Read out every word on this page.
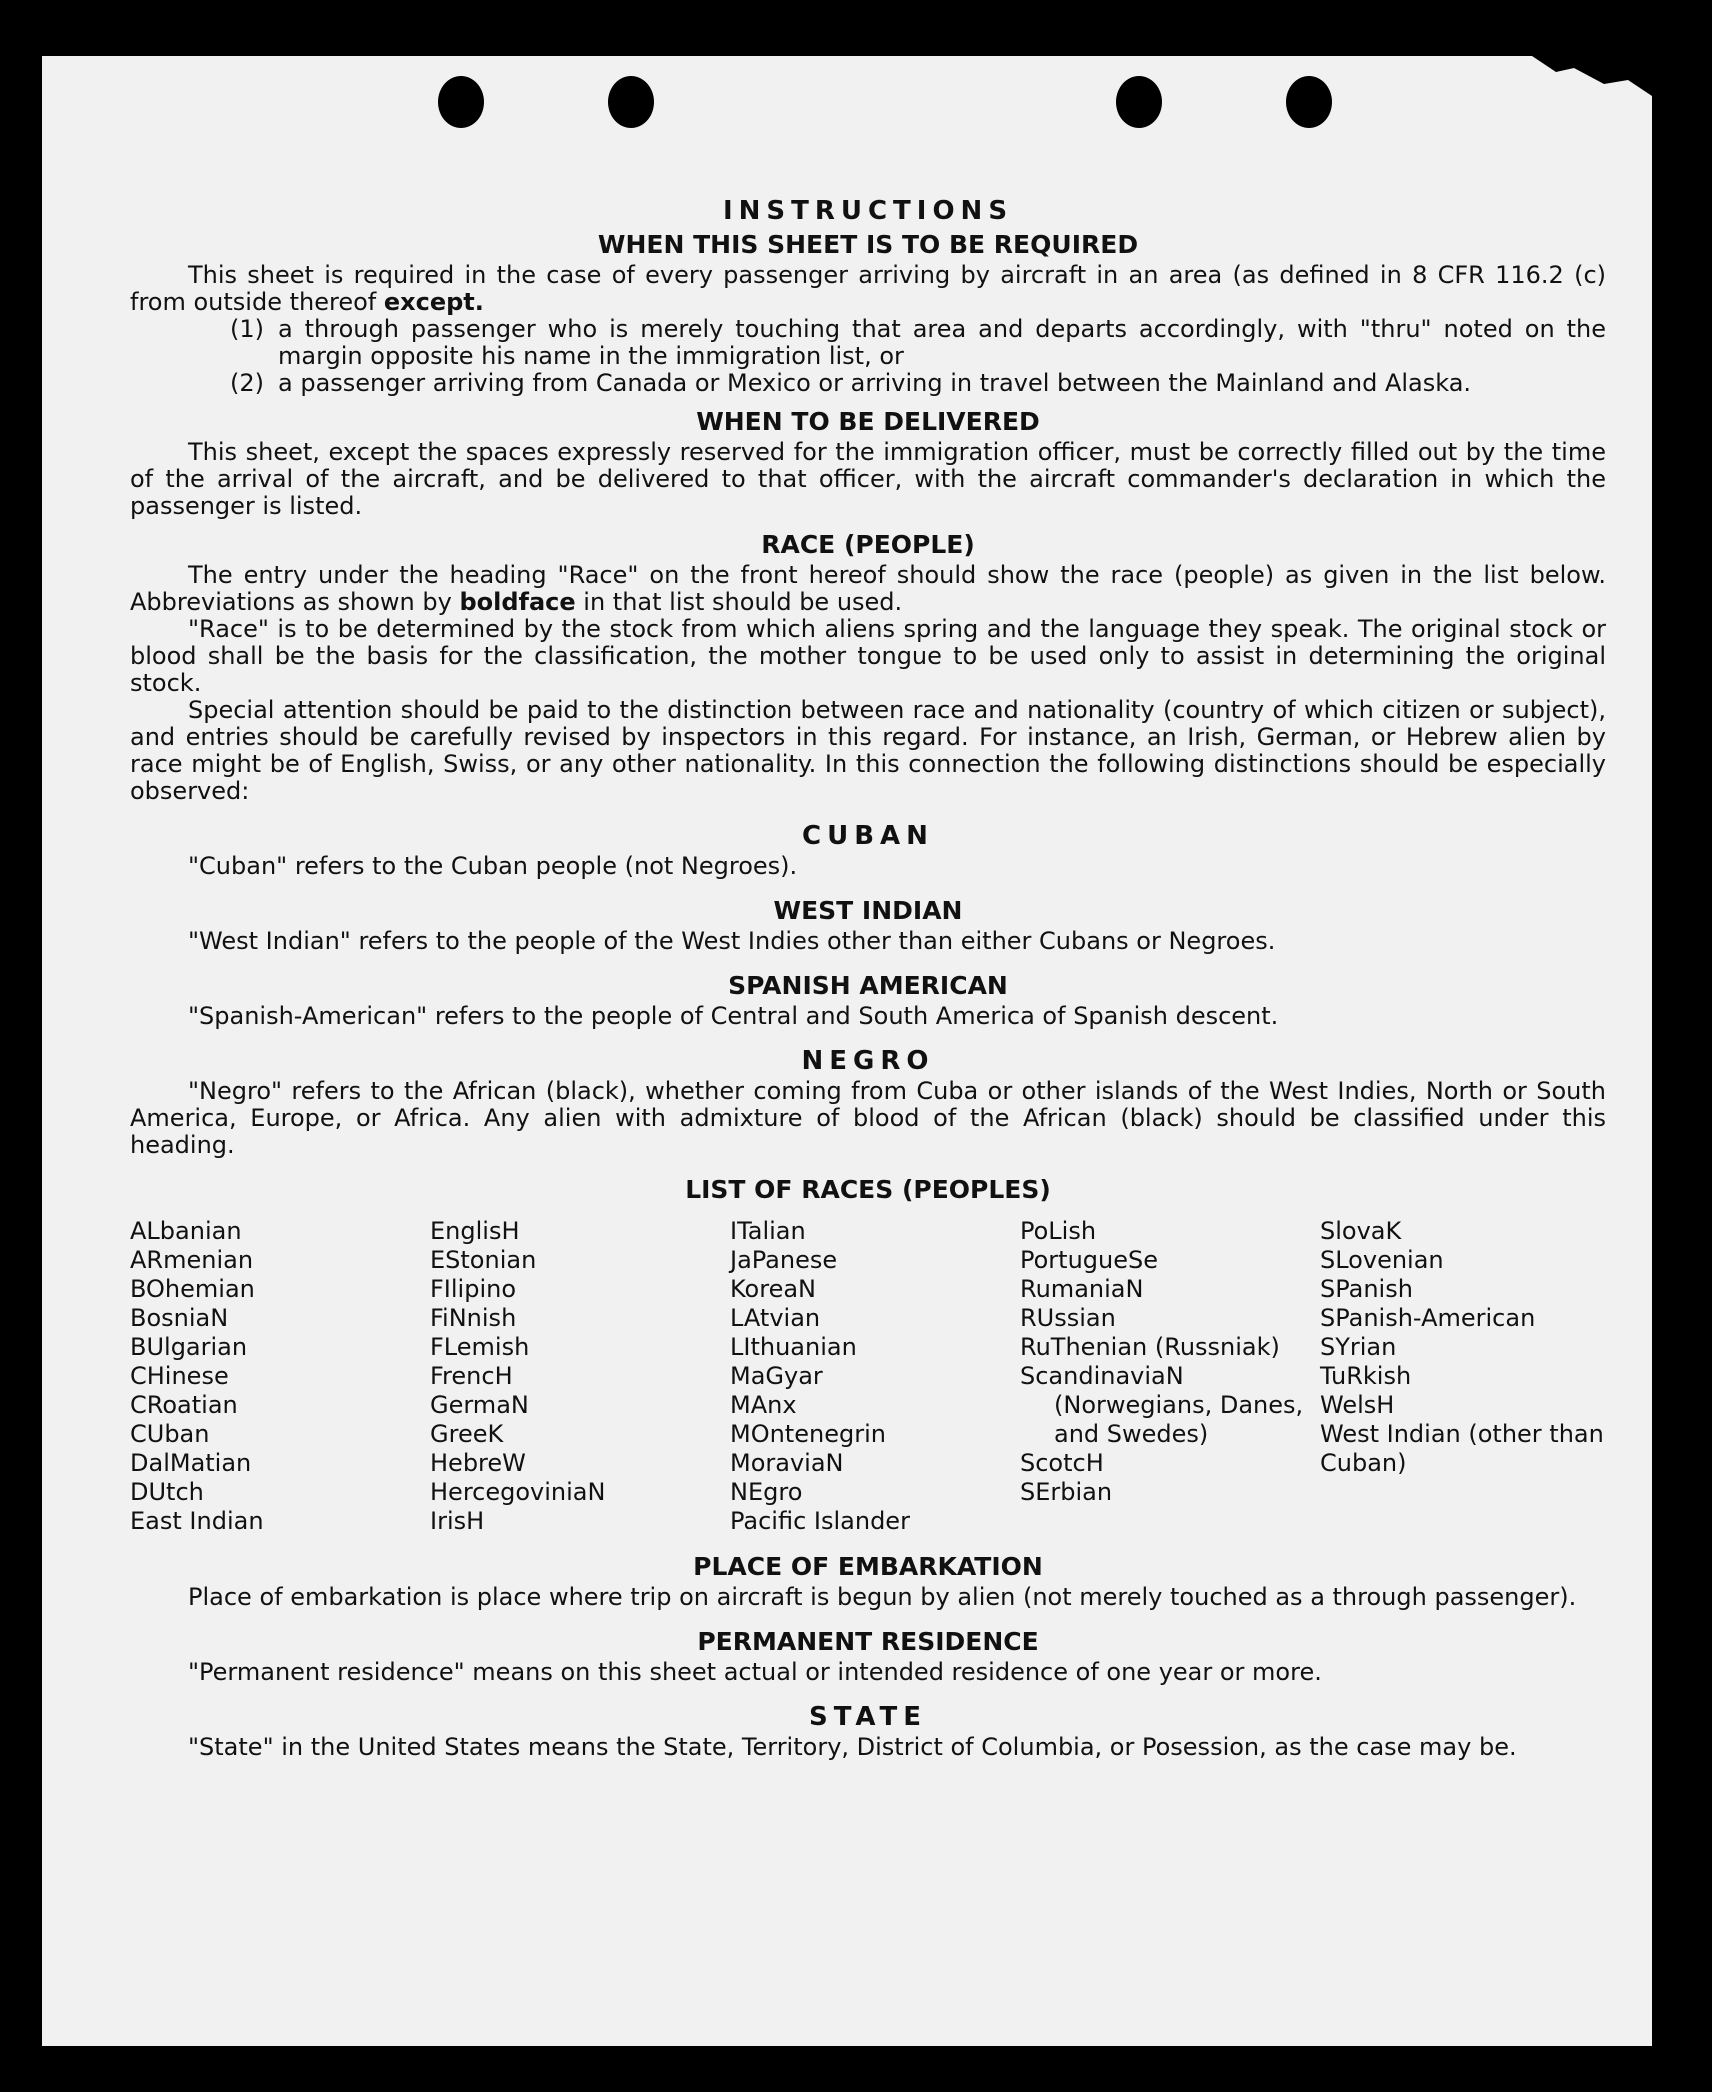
INSTRUCTIONS
WHEN THIS SHEET IS TO BE REQUIRED

This sheet is required in the case of every passenger arriving by aircraft in an area (as defined in 8 CFR 116.2 (c) from outside thereof except.

(1) a through passenger who is merely touching that area and departs accordingly, with "thru" noted on the margin opposite his name in the immigration list, or
(2) a passenger arriving from Canada or Mexico or arriving in travel between the Mainland and Alaska.
WHEN TO BE DELIVERED

This sheet, except the spaces expressly reserved for the immigration officer, must be correctly filled out by the time of the arrival of the aircraft, and be delivered to that officer, with the aircraft commander's declaration in which the passenger is listed.

RACE (PEOPLE)

The entry under the heading "Race" on the front hereof should show the race (people) as given in the list below. Abbreviations as shown by boldface in that list should be used.

"Race" is to be determined by the stock from which aliens spring and the language they speak. The original stock or blood shall be the basis for the classification, the mother tongue to be used only to assist in determining the original stock.

Special attention should be paid to the distinction between race and nationality (country of which citizen or subject), and entries should be carefully revised by inspectors in this regard. For instance, an Irish, German, or Hebrew alien by race might be of English, Swiss, or any other nationality. In this connection the following distinctions should be especially observed:

CUBAN

"Cuban" refers to the Cuban people (not Negroes).

WEST INDIAN

"West Indian" refers to the people of the West Indies other than either Cubans or Negroes.

SPANISH AMERICAN

"Spanish-American" refers to the people of Central and South America of Spanish descent.

NEGRO

"Negro" refers to the African (black), whether coming from Cuba or other islands of the West Indies, North or South America, Europe, or Africa. Any alien with admixture of blood of the African (black) should be classified under this heading.

LIST OF RACES (PEOPLES)
ALbanian
ARmenian
BOhemian
BosniaN
BUlgarian
CHinese
CRoatian
CUban
DalMatian
DUtch
East Indian
EnglisH
EStonian
FIlipino
FiNnish
FLemish
FrencH
GermaN
GreeK
HebreW
HercegoviniaN
IrisH
ITalian
JaPanese
KoreaN
LAtvian
LIthuanian
MaGyar
MAnx
MOntenegrin
MoraviaN
NEgro
Pacific Islander
PoLish
PortugueSe
RumaniaN
RUssian
RuThenian (Russniak)
ScandinaviaN
(Norwegians, Danes, and Swedes)
ScotcH
SErbian
SlovaK
SLovenian
SPanish
SPanish-American
SYrian
TuRkish
WelsH
West Indian (other than Cuban)
PLACE OF EMBARKATION

Place of embarkation is place where trip on aircraft is begun by alien (not merely touched as a through passenger).

PERMANENT RESIDENCE

"Permanent residence" means on this sheet actual or intended residence of one year or more.

STATE

"State" in the United States means the State, Territory, District of Columbia, or Posession, as the case may be.
